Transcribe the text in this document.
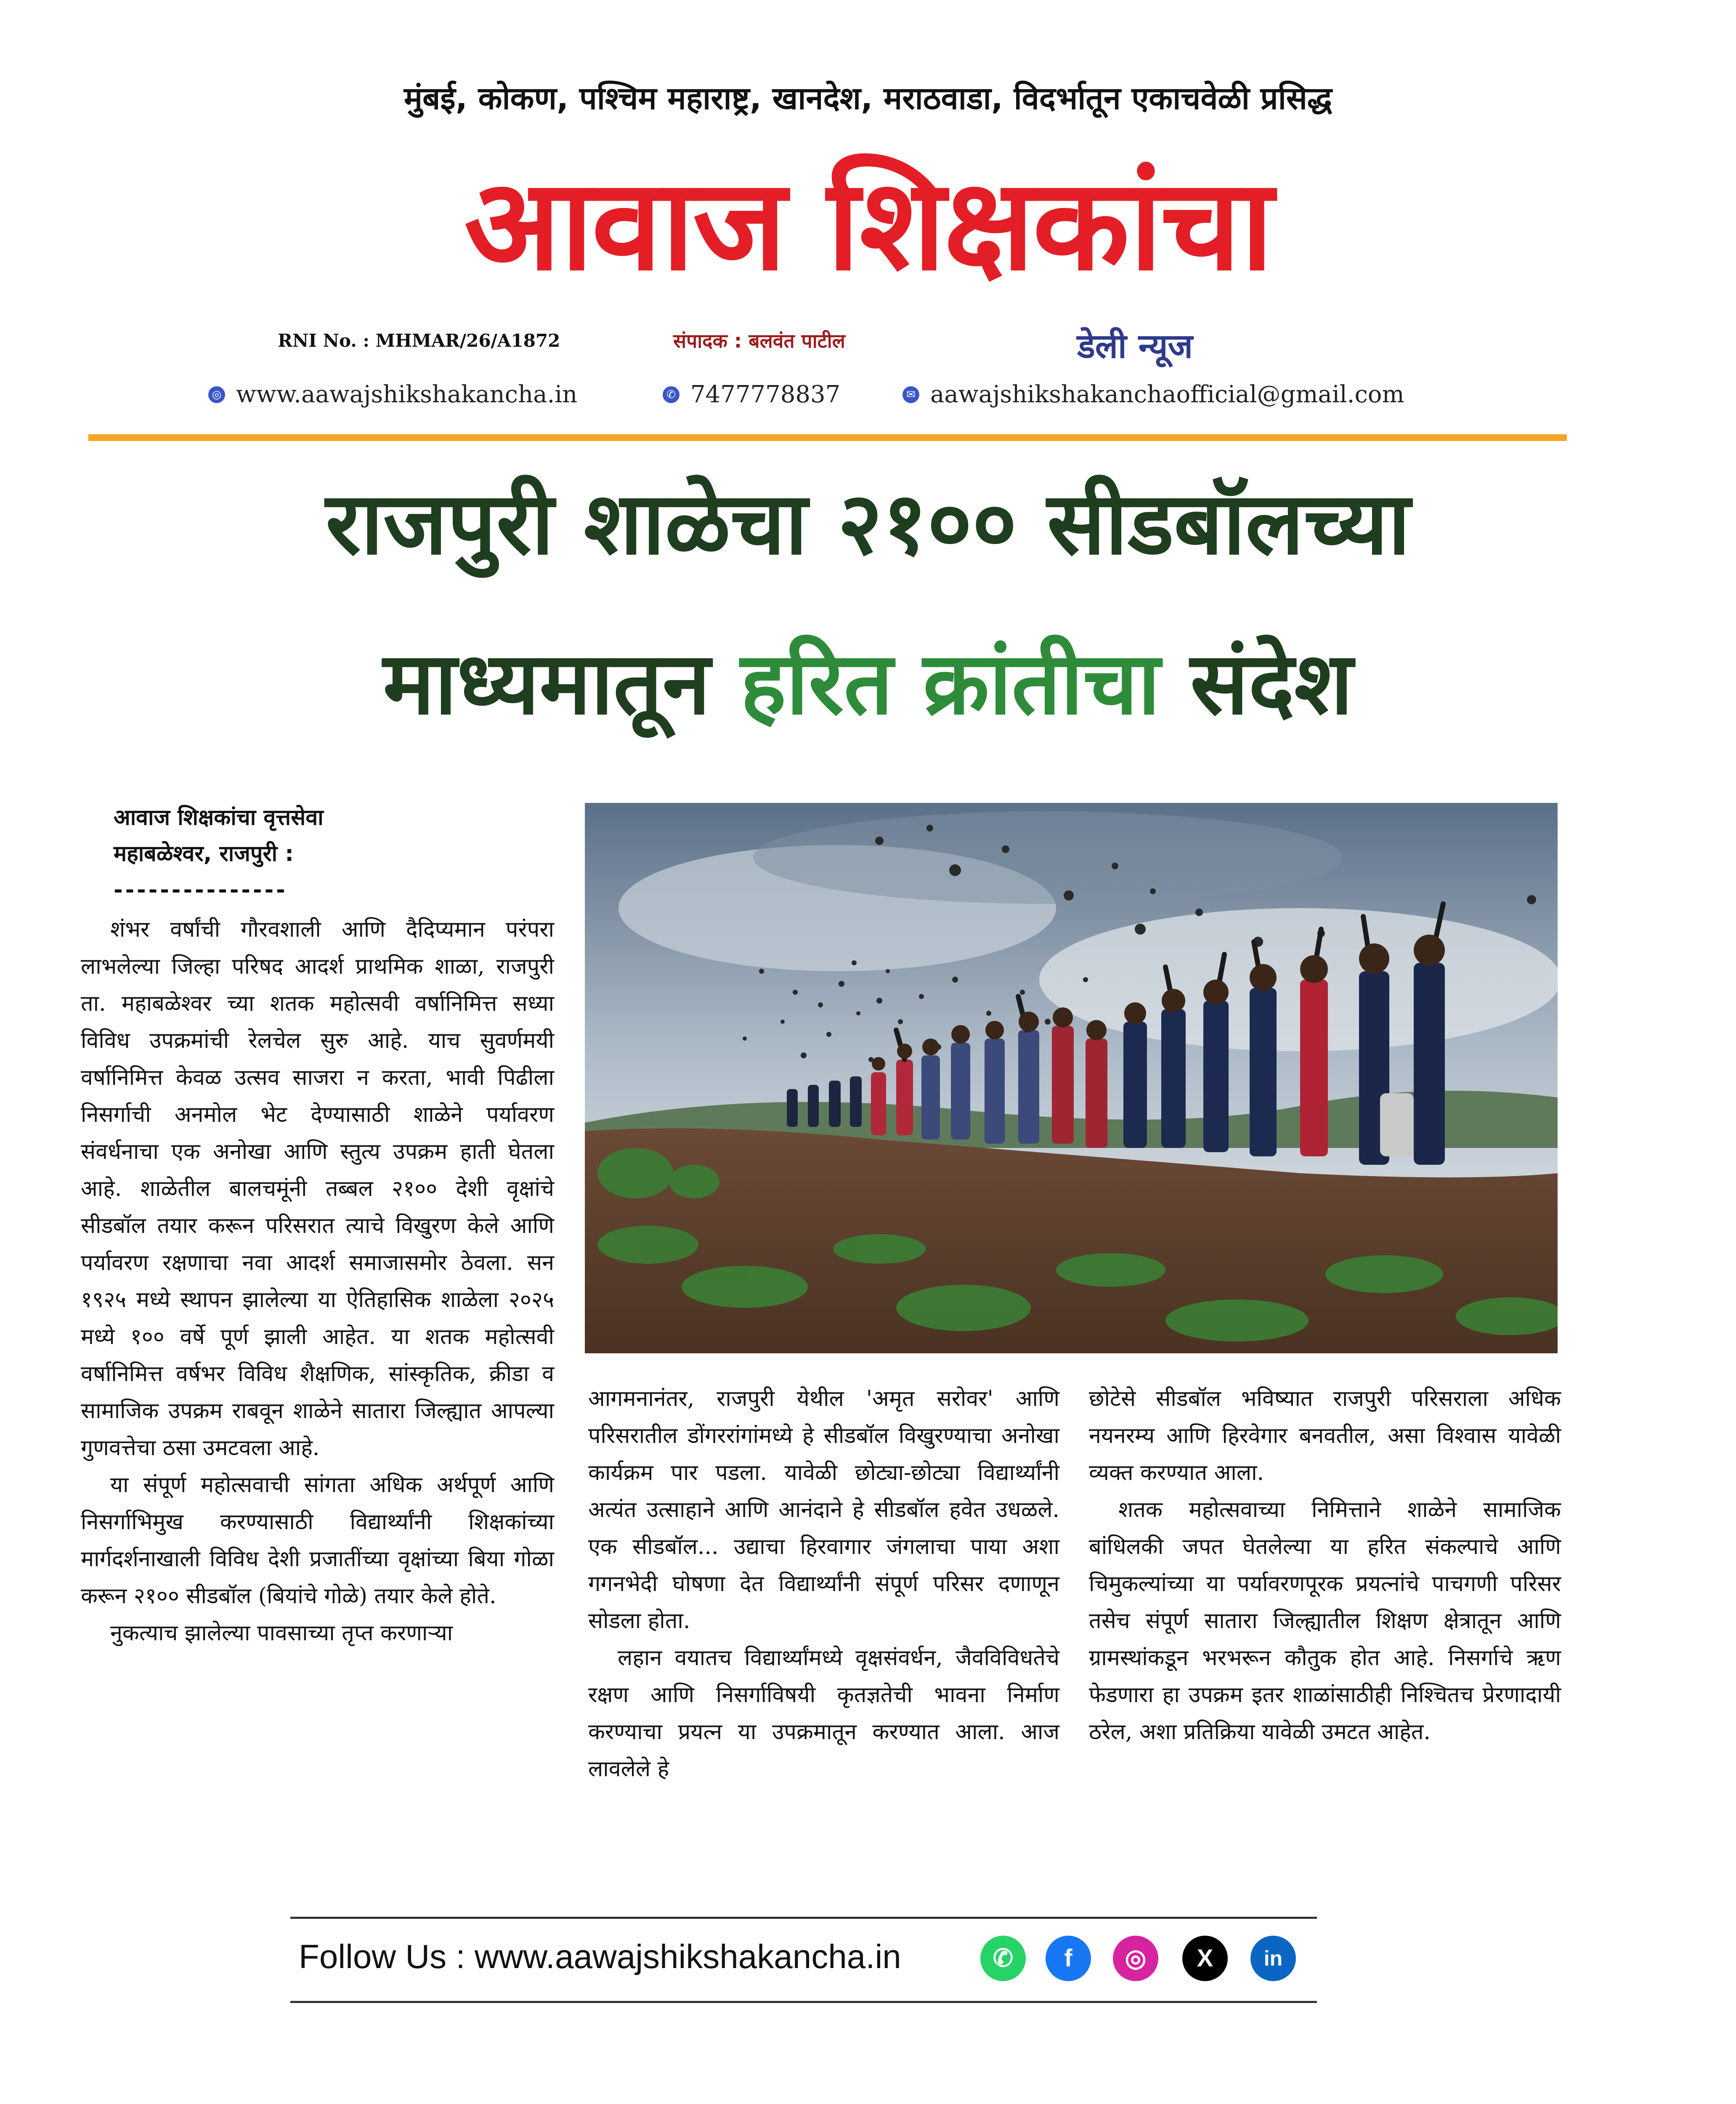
मुंबई, कोकण, पश्चिम महाराष्ट्र, खानदेश, मराठवाडा, विदर्भातून एकाचवेळी प्रसिद्ध
आवाज शिक्षकांचा
RNI No. : MHMAR/26/A1872	संपादक : बलवंत पाटील	डेली न्यूज
◎ www.aawajshikshakancha.in	✆ 7477778837	✉ aawajshikshakanchaofficial@gmail.com
राजपुरी शाळेचा २१०० सीडबॉलच्या
माध्यमातून हरित क्रांतीचा संदेश
आवाज शिक्षकांचा वृत्तसेवा
महाबळेश्वर, राजपुरी :
---------------

शंभर वर्षांची गौरवशाली आणि दैदिप्यमान परंपरा लाभलेल्या जिल्हा परिषद आदर्श प्राथमिक शाळा, राजपुरी ता. महाबळेश्वर च्या शतक महोत्सवी वर्षानिमित्त सध्या विविध उपक्रमांची रेलचेल सुरु आहे. याच सुवर्णमयी वर्षानिमित्त केवळ उत्सव साजरा न करता, भावी पिढीला निसर्गाची अनमोल भेट देण्यासाठी शाळेने पर्यावरण संवर्धनाचा एक अनोखा आणि स्तुत्य उपक्रम हाती घेतला आहे. शाळेतील बालचमूंनी तब्बल २१०० देशी वृक्षांचे सीडबॉल तयार करून परिसरात त्याचे विखुरण केले आणि पर्यावरण रक्षणाचा नवा आदर्श समाजासमोर ठेवला. सन १९२५ मध्ये स्थापन झालेल्या या ऐतिहासिक शाळेला २०२५ मध्ये १०० वर्षे पूर्ण झाली आहेत. या शतक महोत्सवी वर्षानिमित्त वर्षभर विविध शैक्षणिक, सांस्कृतिक, क्रीडा व सामाजिक उपक्रम राबवून शाळेने सातारा जिल्ह्यात आपल्या गुणवत्तेचा ठसा उमटवला आहे.

या संपूर्ण महोत्सवाची सांगता अधिक अर्थपूर्ण आणि निसर्गाभिमुख करण्यासाठी विद्यार्थ्यांनी शिक्षकांच्या मार्गदर्शनाखाली विविध देशी प्रजातींच्या वृक्षांच्या बिया गोळा करून २१०० सीडबॉल (बियांचे गोळे) तयार केले होते.

नुकत्याच झालेल्या पावसाच्या तृप्त करणाऱ्या

आगमनानंतर, राजपुरी येथील 'अमृत सरोवर' आणि परिसरातील डोंगररांगांमध्ये हे सीडबॉल विखुरण्याचा अनोखा कार्यक्रम पार पडला. यावेळी छोट्या-छोट्या विद्यार्थ्यांनी अत्यंत उत्साहाने आणि आनंदाने हे सीडबॉल हवेत उधळले. एक सीडबॉल... उद्याचा हिरवागार जंगलाचा पाया अशा गगनभेदी घोषणा देत विद्यार्थ्यांनी संपूर्ण परिसर दणाणून सोडला होता.

लहान वयातच विद्यार्थ्यांमध्ये वृक्षसंवर्धन, जैवविविधतेचे रक्षण आणि निसर्गाविषयी कृतज्ञतेची भावना निर्माण करण्याचा प्रयत्न या उपक्रमातून करण्यात आला. आज लावलेले हे

छोटेसे सीडबॉल भविष्यात राजपुरी परिसराला अधिक नयनरम्य आणि हिरवेगार बनवतील, असा विश्वास यावेळी व्यक्त करण्यात आला.

शतक महोत्सवाच्या निमित्ताने शाळेने सामाजिक बांधिलकी जपत घेतलेल्या या हरित संकल्पाचे आणि चिमुकल्यांच्या या पर्यावरणपूरक प्रयत्नांचे पाचगणी परिसर तसेच संपूर्ण सातारा जिल्ह्यातील शिक्षण क्षेत्रातून आणि ग्रामस्थांकडून भरभरून कौतुक होत आहे. निसर्गाचे ऋण फेडणारा हा उपक्रम इतर शाळांसाठीही निश्चितच प्रेरणादायी ठरेल, अशा प्रतिक्रिया यावेळी उमटत आहेत.

Follow Us : www.aawajshikshakancha.in	✆	f	◎	X	in
